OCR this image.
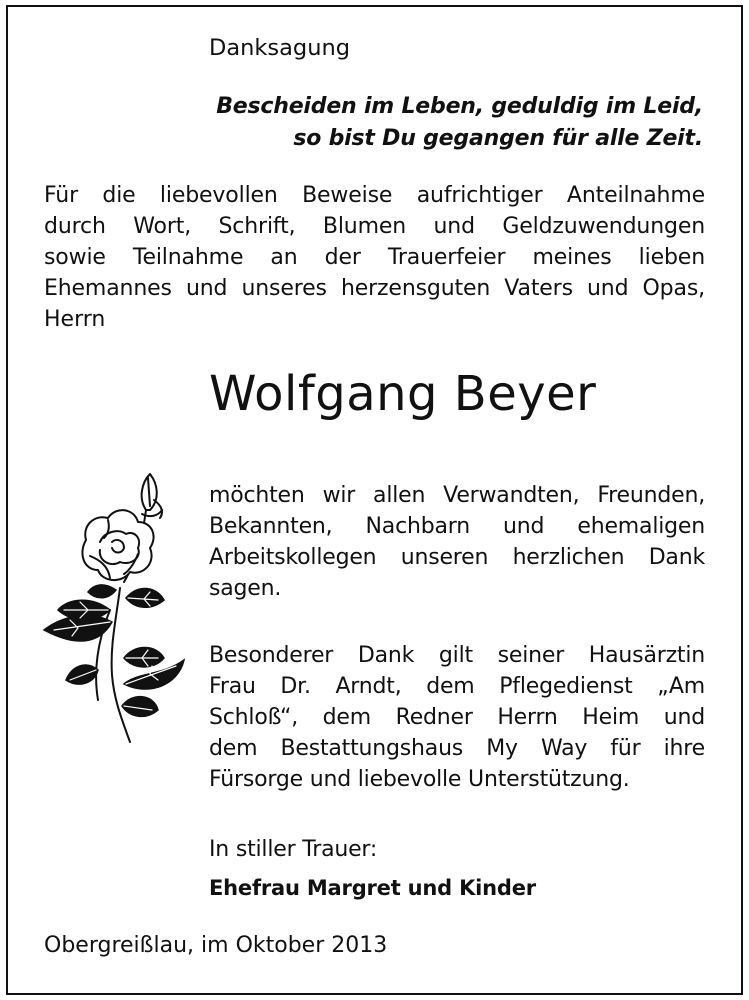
Danksagung
Bescheiden im Leben, geduldig im Leid,
so bist Du gegangen für alle Zeit.
Für die liebevollen Beweise aufrichtiger Anteilnahme
durch Wort, Schrift, Blumen und Geldzuwendungen
sowie Teilnahme an der Trauerfeier meines lieben
Ehemannes und unseres herzensguten Vaters und Opas,
Herrn
Wolfgang Beyer
möchten wir allen Verwandten, Freunden,
Bekannten, Nachbarn und ehemaligen
Arbeitskollegen unseren herzlichen Dank
sagen.
Besonderer Dank gilt seiner Hausärztin
Frau Dr. Arndt, dem Pflegedienst „Am
Schloß“, dem Redner Herrn Heim und
dem Bestattungshaus My Way für ihre
Fürsorge und liebevolle Unterstützung.
In stiller Trauer:
Ehefrau Margret und Kinder
Obergreißlau, im Oktober 2013
